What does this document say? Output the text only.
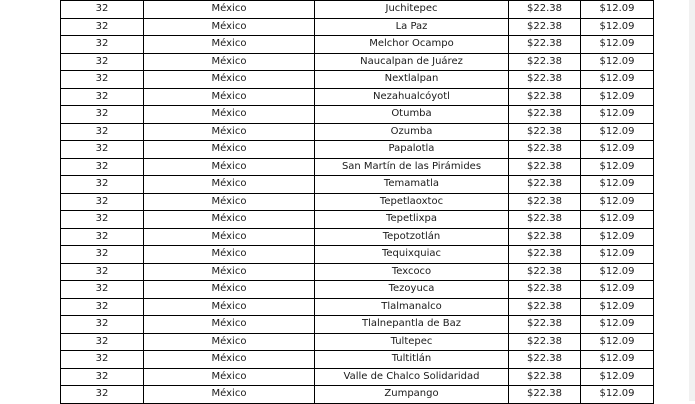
32	México	Juchitepec	$22.38	$12.09
32	México	La Paz	$22.38	$12.09
32	México	Melchor Ocampo	$22.38	$12.09
32	México	Naucalpan de Juárez	$22.38	$12.09
32	México	Nextlalpan	$22.38	$12.09
32	México	Nezahualcóyotl	$22.38	$12.09
32	México	Otumba	$22.38	$12.09
32	México	Ozumba	$22.38	$12.09
32	México	Papalotla	$22.38	$12.09
32	México	San Martín de las Pirámides	$22.38	$12.09
32	México	Temamatla	$22.38	$12.09
32	México	Tepetlaoxtoc	$22.38	$12.09
32	México	Tepetlixpa	$22.38	$12.09
32	México	Tepotzotlán	$22.38	$12.09
32	México	Tequixquiac	$22.38	$12.09
32	México	Texcoco	$22.38	$12.09
32	México	Tezoyuca	$22.38	$12.09
32	México	Tlalmanalco	$22.38	$12.09
32	México	Tlalnepantla de Baz	$22.38	$12.09
32	México	Tultepec	$22.38	$12.09
32	México	Tultitlán	$22.38	$12.09
32	México	Valle de Chalco Solidaridad	$22.38	$12.09
32	México	Zumpango	$22.38	$12.09
